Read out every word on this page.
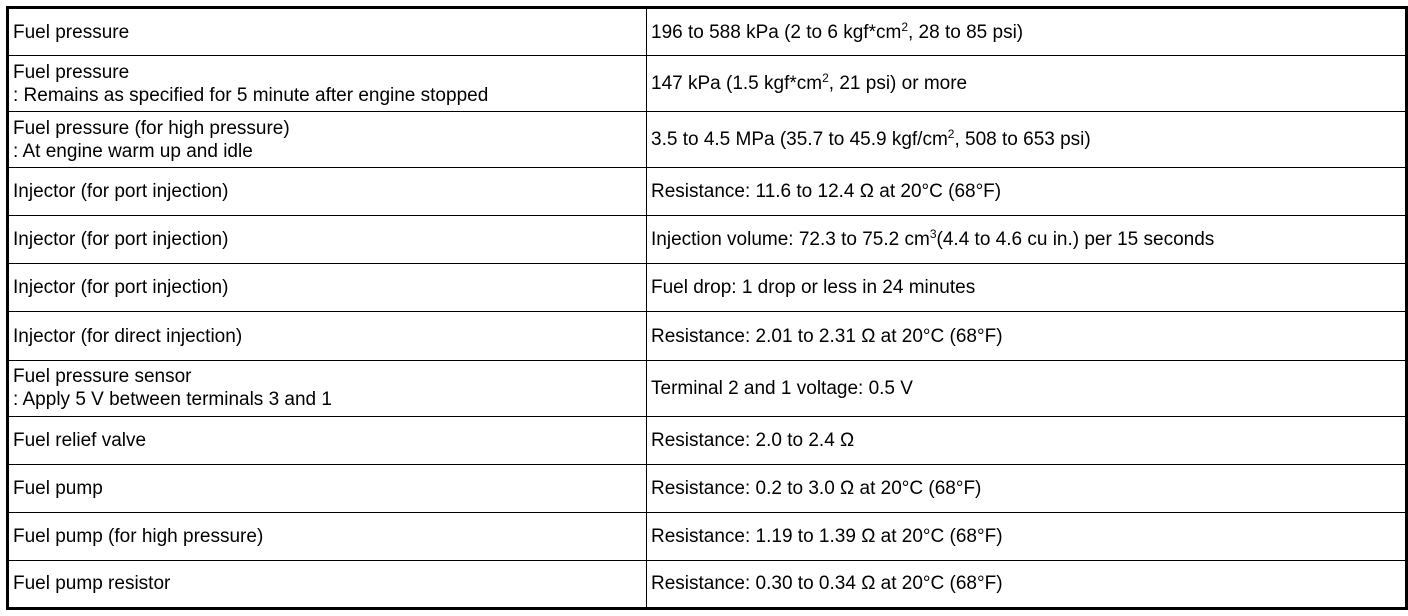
Fuel pressure	196 to 588 kPa (2 to 6 $kgf*cm^2$, 28 to 85 psi)

Fuel pressure
: Remains as specified for 5 minute after engine stopped	147 kPa (1.5 $kgf*cm^2$, 21 psi) or more

Fuel pressure (for high pressure)
: At engine warm up and idle	3.5 to 4.5 MPa (35.7 to 45.9 kgf/$cm^2$, 508 to 653 psi)

Injector (for port injection)	Resistance: 11.6 to 12.4 Ω at 20°C (68°F)

Injector (for port injection)	Injection volume: 72.3 to 75.2 $cm^3(4.4$ to 4.6 cu in.) per 15 seconds

Injector (for port injection)	Fuel drop: 1 drop or less in 24 minutes

Injector (for direct injection)	Resistance: 2.01 to 2.31 Ω at 20°C (68°F)

Fuel pressure sensor
: Apply 5 V between terminals 3 and 1	Terminal 2 and 1 voltage: 0.5 V

Fuel relief valve	Resistance: 2.0 to 2.4 Ω

Fuel pump	Resistance: 0.2 to 3.0 Ω at 20°C (68°F)

Fuel pump (for high pressure)	Resistance: 1.19 to 1.39 Ω at 20°C (68°F)

Fuel pump resistor	Resistance: 0.30 to 0.34 Ω at 20°C (68°F)
